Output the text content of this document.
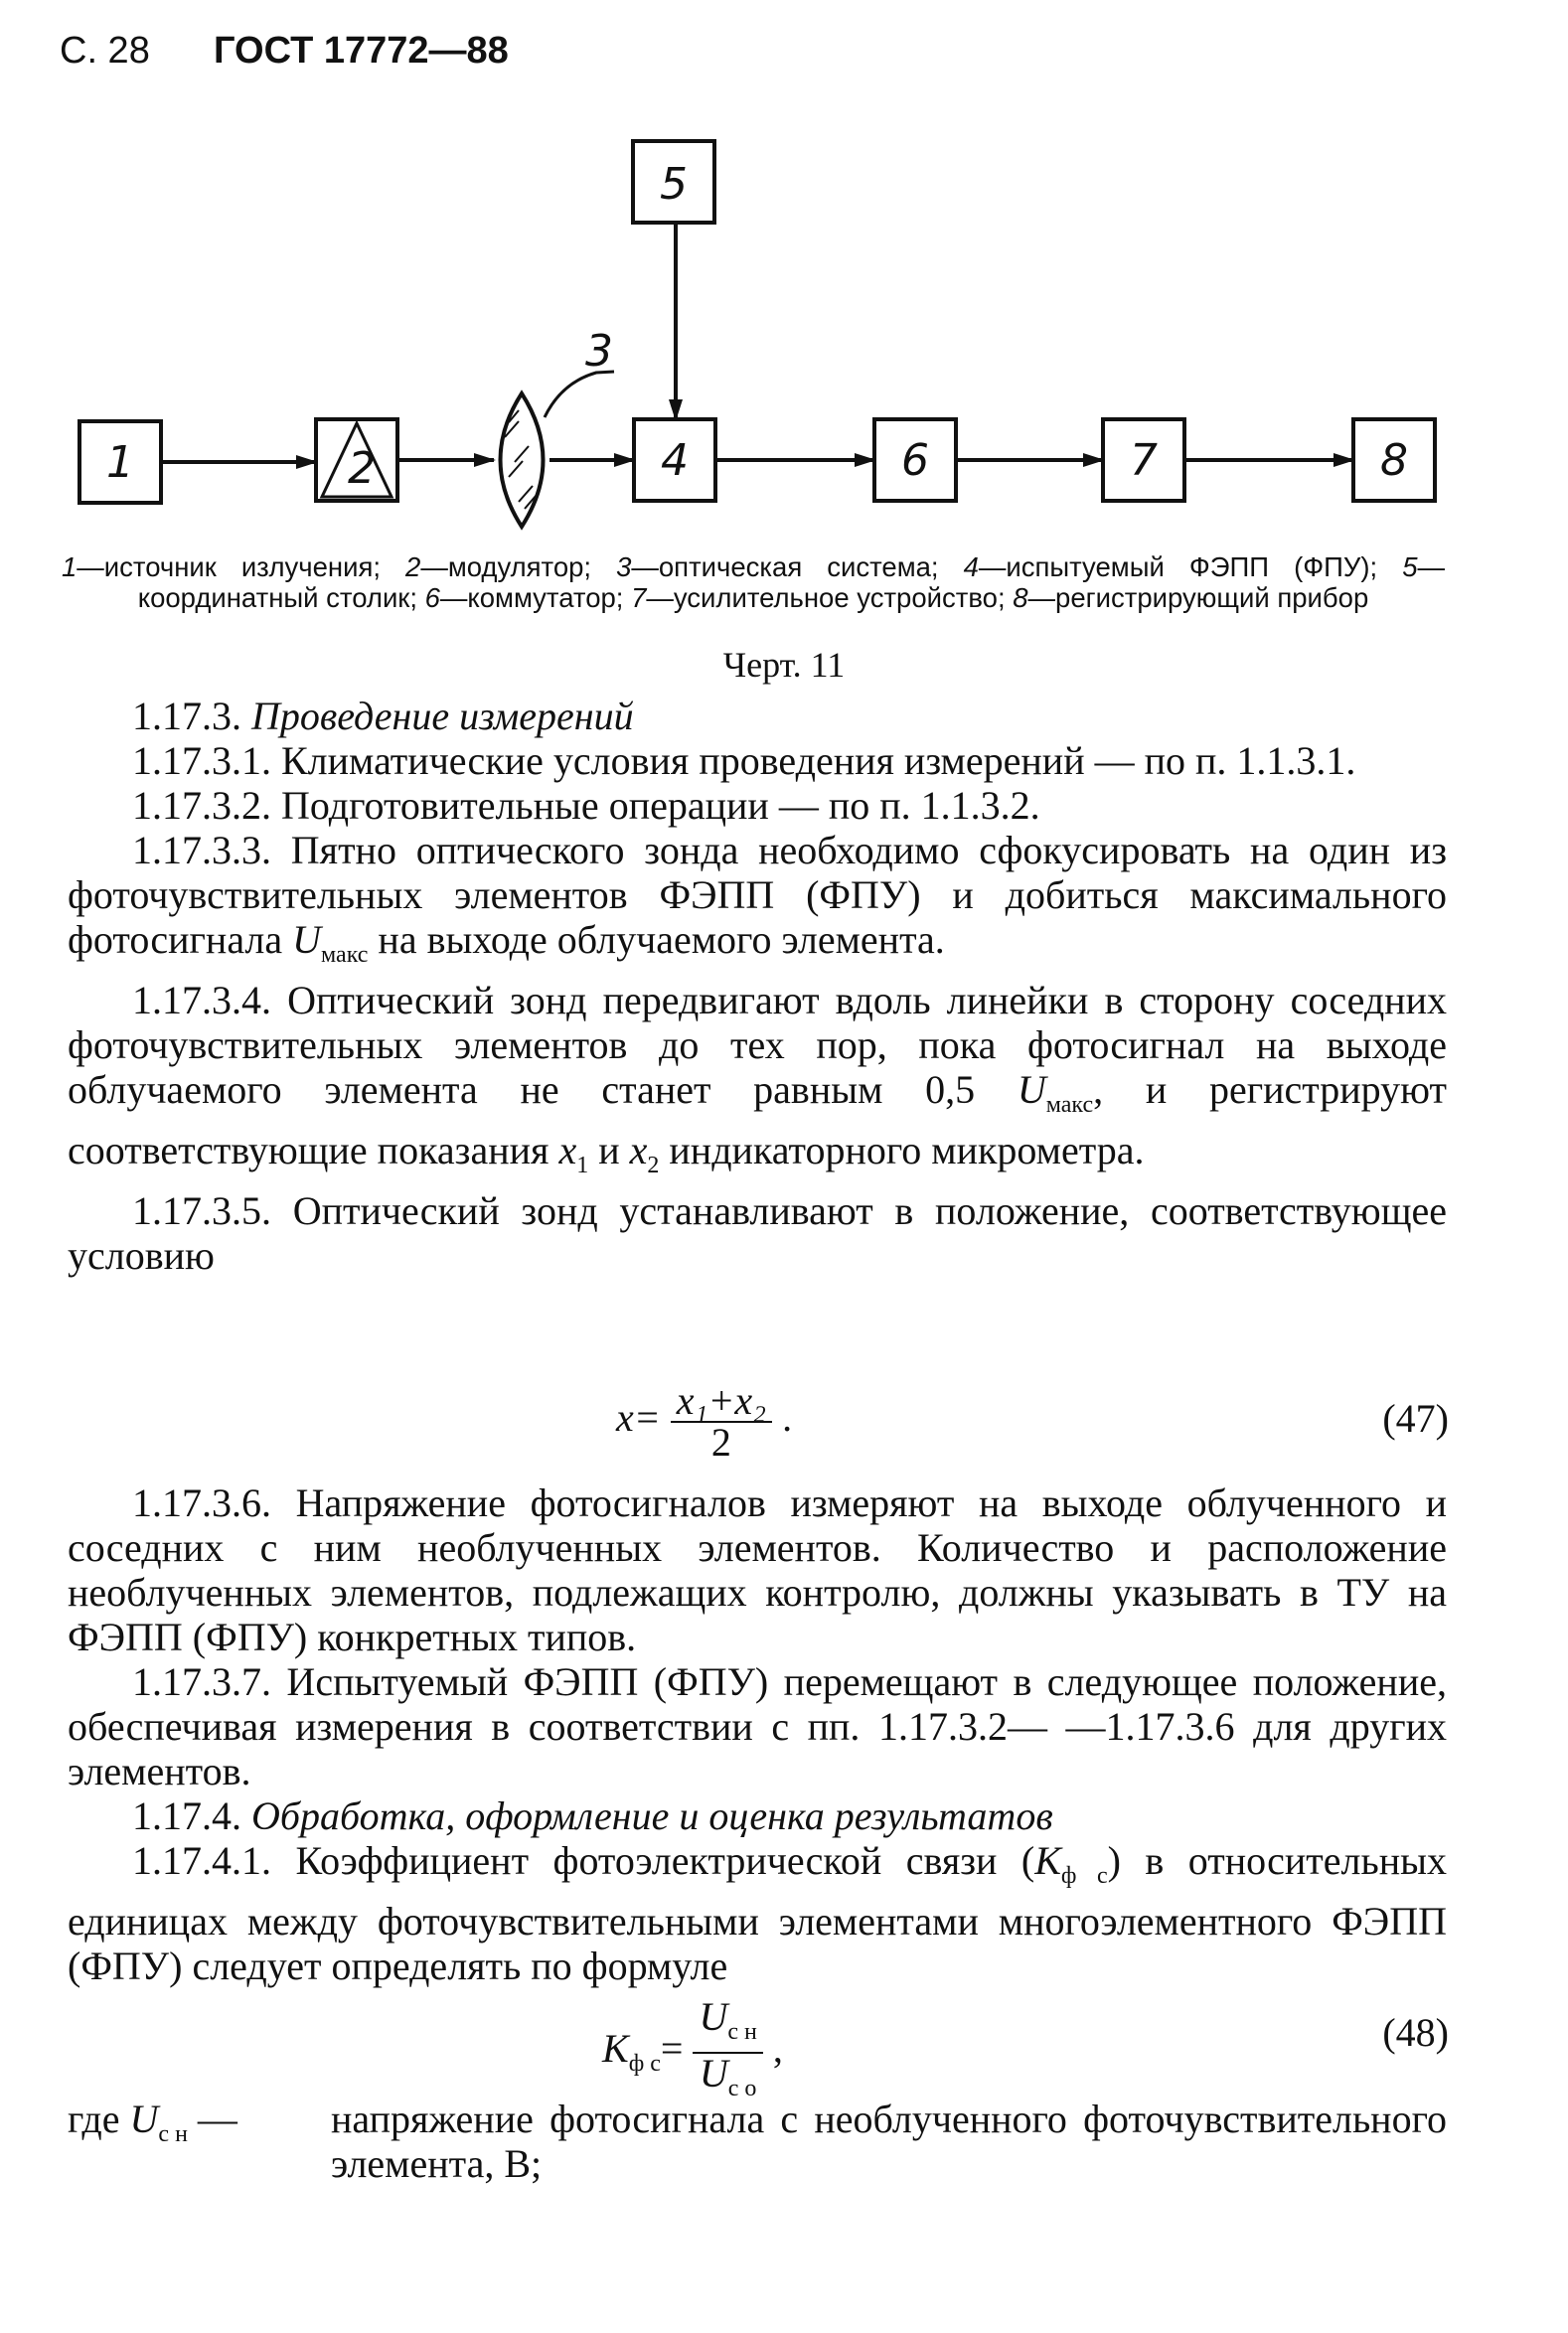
С. 28 ГОСТ 17772—88
1	2	4	6	7	8
5
3
1—источник излучения; 2—модулятор; 3—оптическая система; 4—испытуемый ФЭПП (ФПУ); 5—координатный столик; 6—коммутатор; 7—усилительное устройство; 8—регистрирующий прибор
Черт. 11

1.17.3. Проведение измерений

1.17.3.1. Климатические условия проведения измерений — по п. 1.1.3.1.

1.17.3.2. Подготовительные операции — по п. 1.1.3.2.

1.17.3.3. Пятно оптического зонда необходимо сфокусировать на один из фоточувствительных элементов ФЭПП (ФПУ) и добиться максимального фотосигнала $U_{макс}$ на выходе облучаемого элемента.

1.17.3.4. Оптический зонд передвигают вдоль линейки в сторону соседних фоточувствительных элементов до тех пор, пока фотосигнал на выходе облучаемого элемента не станет равным 0,5 $U_{макс}$, и регистрируют соответствующие показания $x_1$ и $x_2$ индикаторного микрометра.

1.17.3.5. Оптический зонд устанавливают в положение, соответствующее условию

$x= \frac{\text{x₁+x₂}}{2}$ .	(47)

1.17.3.6. Напряжение фотосигналов измеряют на выходе облученного и соседних с ним необлученных элементов. Количество и расположение необлученных элементов, подлежащих контролю, должны указывать в ТУ на ФЭПП (ФПУ) конкретных типов.

1.17.3.7. Испытуемый ФЭПП (ФПУ) перемещают в следующее положение, обеспечивая измерения в соответствии с пп. 1.17.3.2— —1.17.3.6 для других элементов.

1.17.4. Обработка, оформление и оценка результатов

1.17.4.1. Коэффициент фотоэлектрической связи $(K_{ф с})$ в относительных единицах между фоточувствительными элементами многоэлементного ФЭПП (ФПУ) следует определять по формуле

$K_{ф с}= \frac{U_{с н}}{U_{с о}}$ ,	(48)
где $U_{с н}$ —	напряжение фотосигнала с необлученного фоточувствительного элемента, В;
